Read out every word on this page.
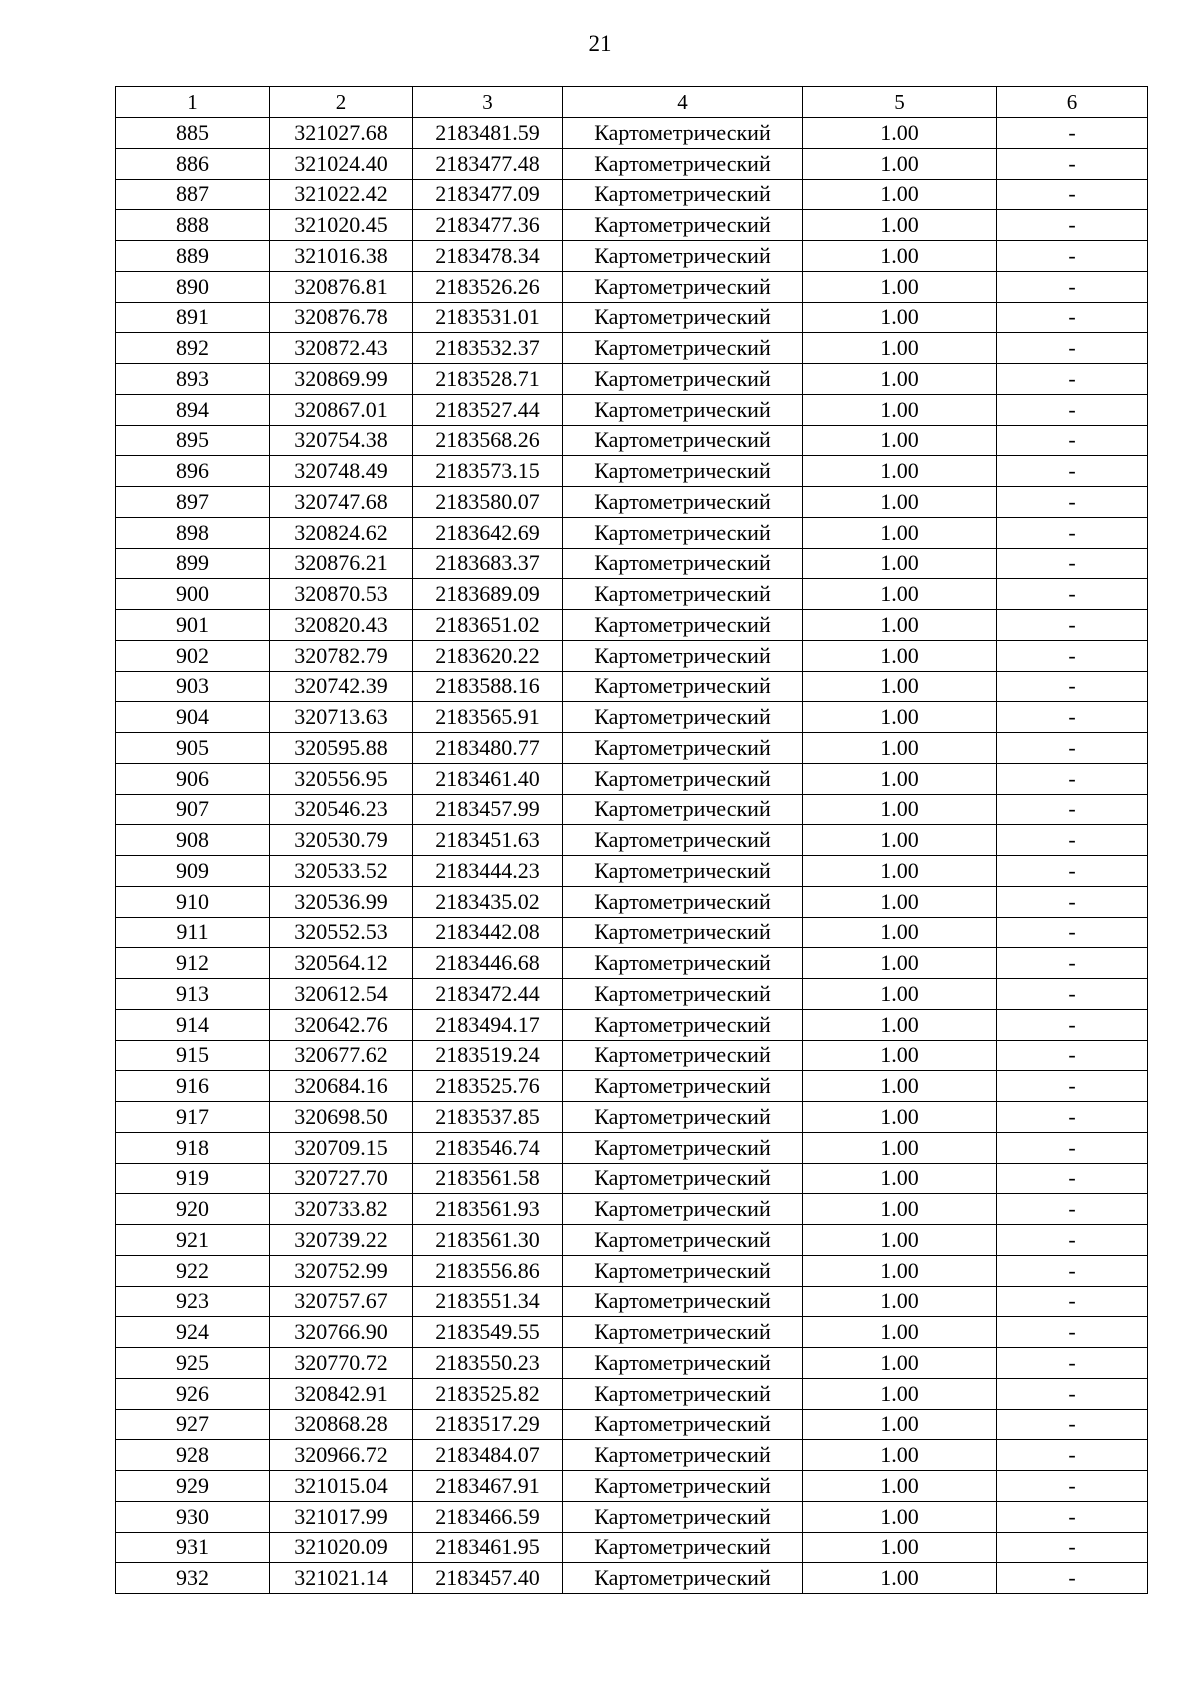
21
1	2	3	4	5	6
885	321027.68	2183481.59	Картометрический	1.00	-
886	321024.40	2183477.48	Картометрический	1.00	-
887	321022.42	2183477.09	Картометрический	1.00	-
888	321020.45	2183477.36	Картометрический	1.00	-
889	321016.38	2183478.34	Картометрический	1.00	-
890	320876.81	2183526.26	Картометрический	1.00	-
891	320876.78	2183531.01	Картометрический	1.00	-
892	320872.43	2183532.37	Картометрический	1.00	-
893	320869.99	2183528.71	Картометрический	1.00	-
894	320867.01	2183527.44	Картометрический	1.00	-
895	320754.38	2183568.26	Картометрический	1.00	-
896	320748.49	2183573.15	Картометрический	1.00	-
897	320747.68	2183580.07	Картометрический	1.00	-
898	320824.62	2183642.69	Картометрический	1.00	-
899	320876.21	2183683.37	Картометрический	1.00	-
900	320870.53	2183689.09	Картометрический	1.00	-
901	320820.43	2183651.02	Картометрический	1.00	-
902	320782.79	2183620.22	Картометрический	1.00	-
903	320742.39	2183588.16	Картометрический	1.00	-
904	320713.63	2183565.91	Картометрический	1.00	-
905	320595.88	2183480.77	Картометрический	1.00	-
906	320556.95	2183461.40	Картометрический	1.00	-
907	320546.23	2183457.99	Картометрический	1.00	-
908	320530.79	2183451.63	Картометрический	1.00	-
909	320533.52	2183444.23	Картометрический	1.00	-
910	320536.99	2183435.02	Картометрический	1.00	-
911	320552.53	2183442.08	Картометрический	1.00	-
912	320564.12	2183446.68	Картометрический	1.00	-
913	320612.54	2183472.44	Картометрический	1.00	-
914	320642.76	2183494.17	Картометрический	1.00	-
915	320677.62	2183519.24	Картометрический	1.00	-
916	320684.16	2183525.76	Картометрический	1.00	-
917	320698.50	2183537.85	Картометрический	1.00	-
918	320709.15	2183546.74	Картометрический	1.00	-
919	320727.70	2183561.58	Картометрический	1.00	-
920	320733.82	2183561.93	Картометрический	1.00	-
921	320739.22	2183561.30	Картометрический	1.00	-
922	320752.99	2183556.86	Картометрический	1.00	-
923	320757.67	2183551.34	Картометрический	1.00	-
924	320766.90	2183549.55	Картометрический	1.00	-
925	320770.72	2183550.23	Картометрический	1.00	-
926	320842.91	2183525.82	Картометрический	1.00	-
927	320868.28	2183517.29	Картометрический	1.00	-
928	320966.72	2183484.07	Картометрический	1.00	-
929	321015.04	2183467.91	Картометрический	1.00	-
930	321017.99	2183466.59	Картометрический	1.00	-
931	321020.09	2183461.95	Картометрический	1.00	-
932	321021.14	2183457.40	Картометрический	1.00	-
